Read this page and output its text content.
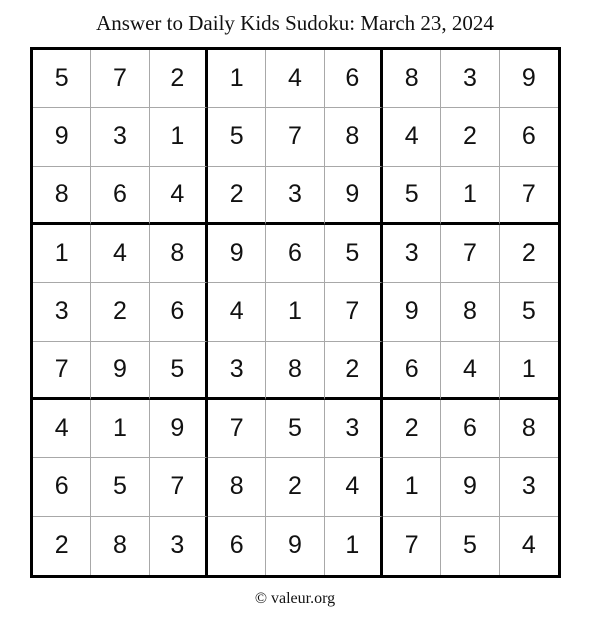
Answer to Daily Kids Sudoku: March 23, 2024
5	7	2	1	4	6	8	3	9
9	3	1	5	7	8	4	2	6
8	6	4	2	3	9	5	1	7
1	4	8	9	6	5	3	7	2
3	2	6	4	1	7	9	8	5
7	9	5	3	8	2	6	4	1
4	1	9	7	5	3	2	6	8
6	5	7	8	2	4	1	9	3
2	8	3	6	9	1	7	5	4
© valeur.org
